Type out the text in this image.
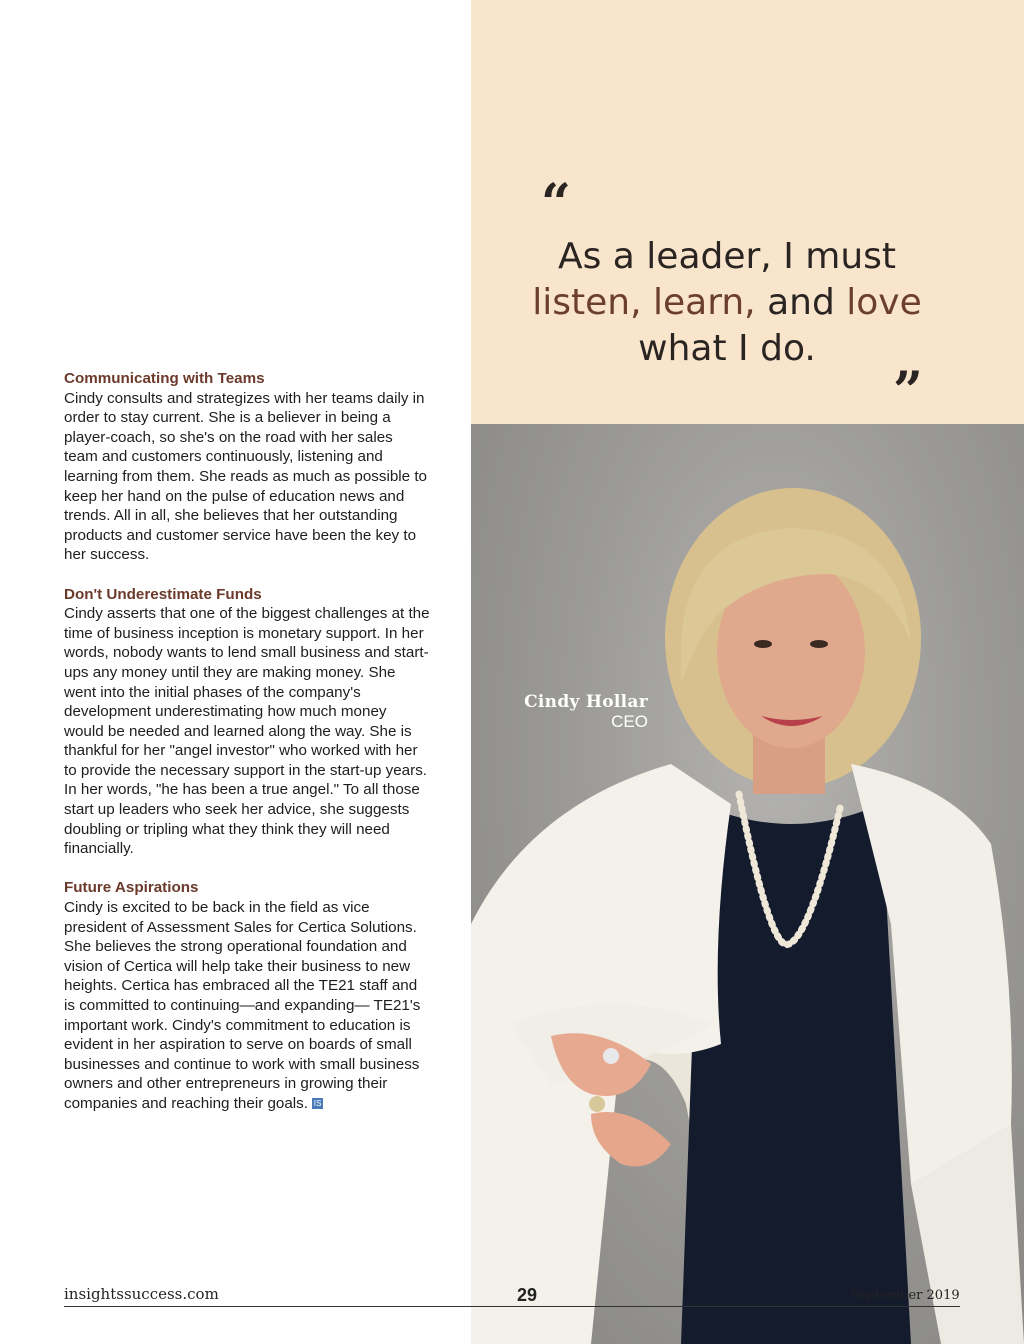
“
As a leader, I must
listen, learn, and love
what I do.
”
Cindy Hollar
CEO
Communicating with Teams
Cindy consults and strategizes with her teams daily in order to stay current. She is a believer in being a player-coach, so she's on the road with her sales team and customers continuously, listening and learning from them. She reads as much as possible to keep her hand on the pulse of education news and trends. All in all, she believes that her outstanding products and customer service have been the key to her success.
Don't Underestimate Funds
Cindy asserts that one of the biggest challenges at the time of business inception is monetary support. In her words, nobody wants to lend small business and start-ups any money until they are making money. She went into the initial phases of the company's development underestimating how much money would be needed and learned along the way. She is thankful for her "angel investor" who worked with her to provide the necessary support in the start-up years. In her words, "he has been a true angel." To all those start up leaders who seek her advice, she suggests doubling or tripling what they think they will need financially.
Future Aspirations
Cindy is excited to be back in the field as vice president of Assessment Sales for Certica Solutions. She believes the strong operational foundation and vision of Certica will help take their business to new heights. Certica has embraced all the TE21 staff and is committed to continuing—and expanding— TE21's important work. Cindy's commitment to education is evident in her aspiration to serve on boards of small businesses and continue to work with small business owners and other entrepreneurs in growing their companies and reaching their goals. IS
insightssuccess.com	29	September 2019
